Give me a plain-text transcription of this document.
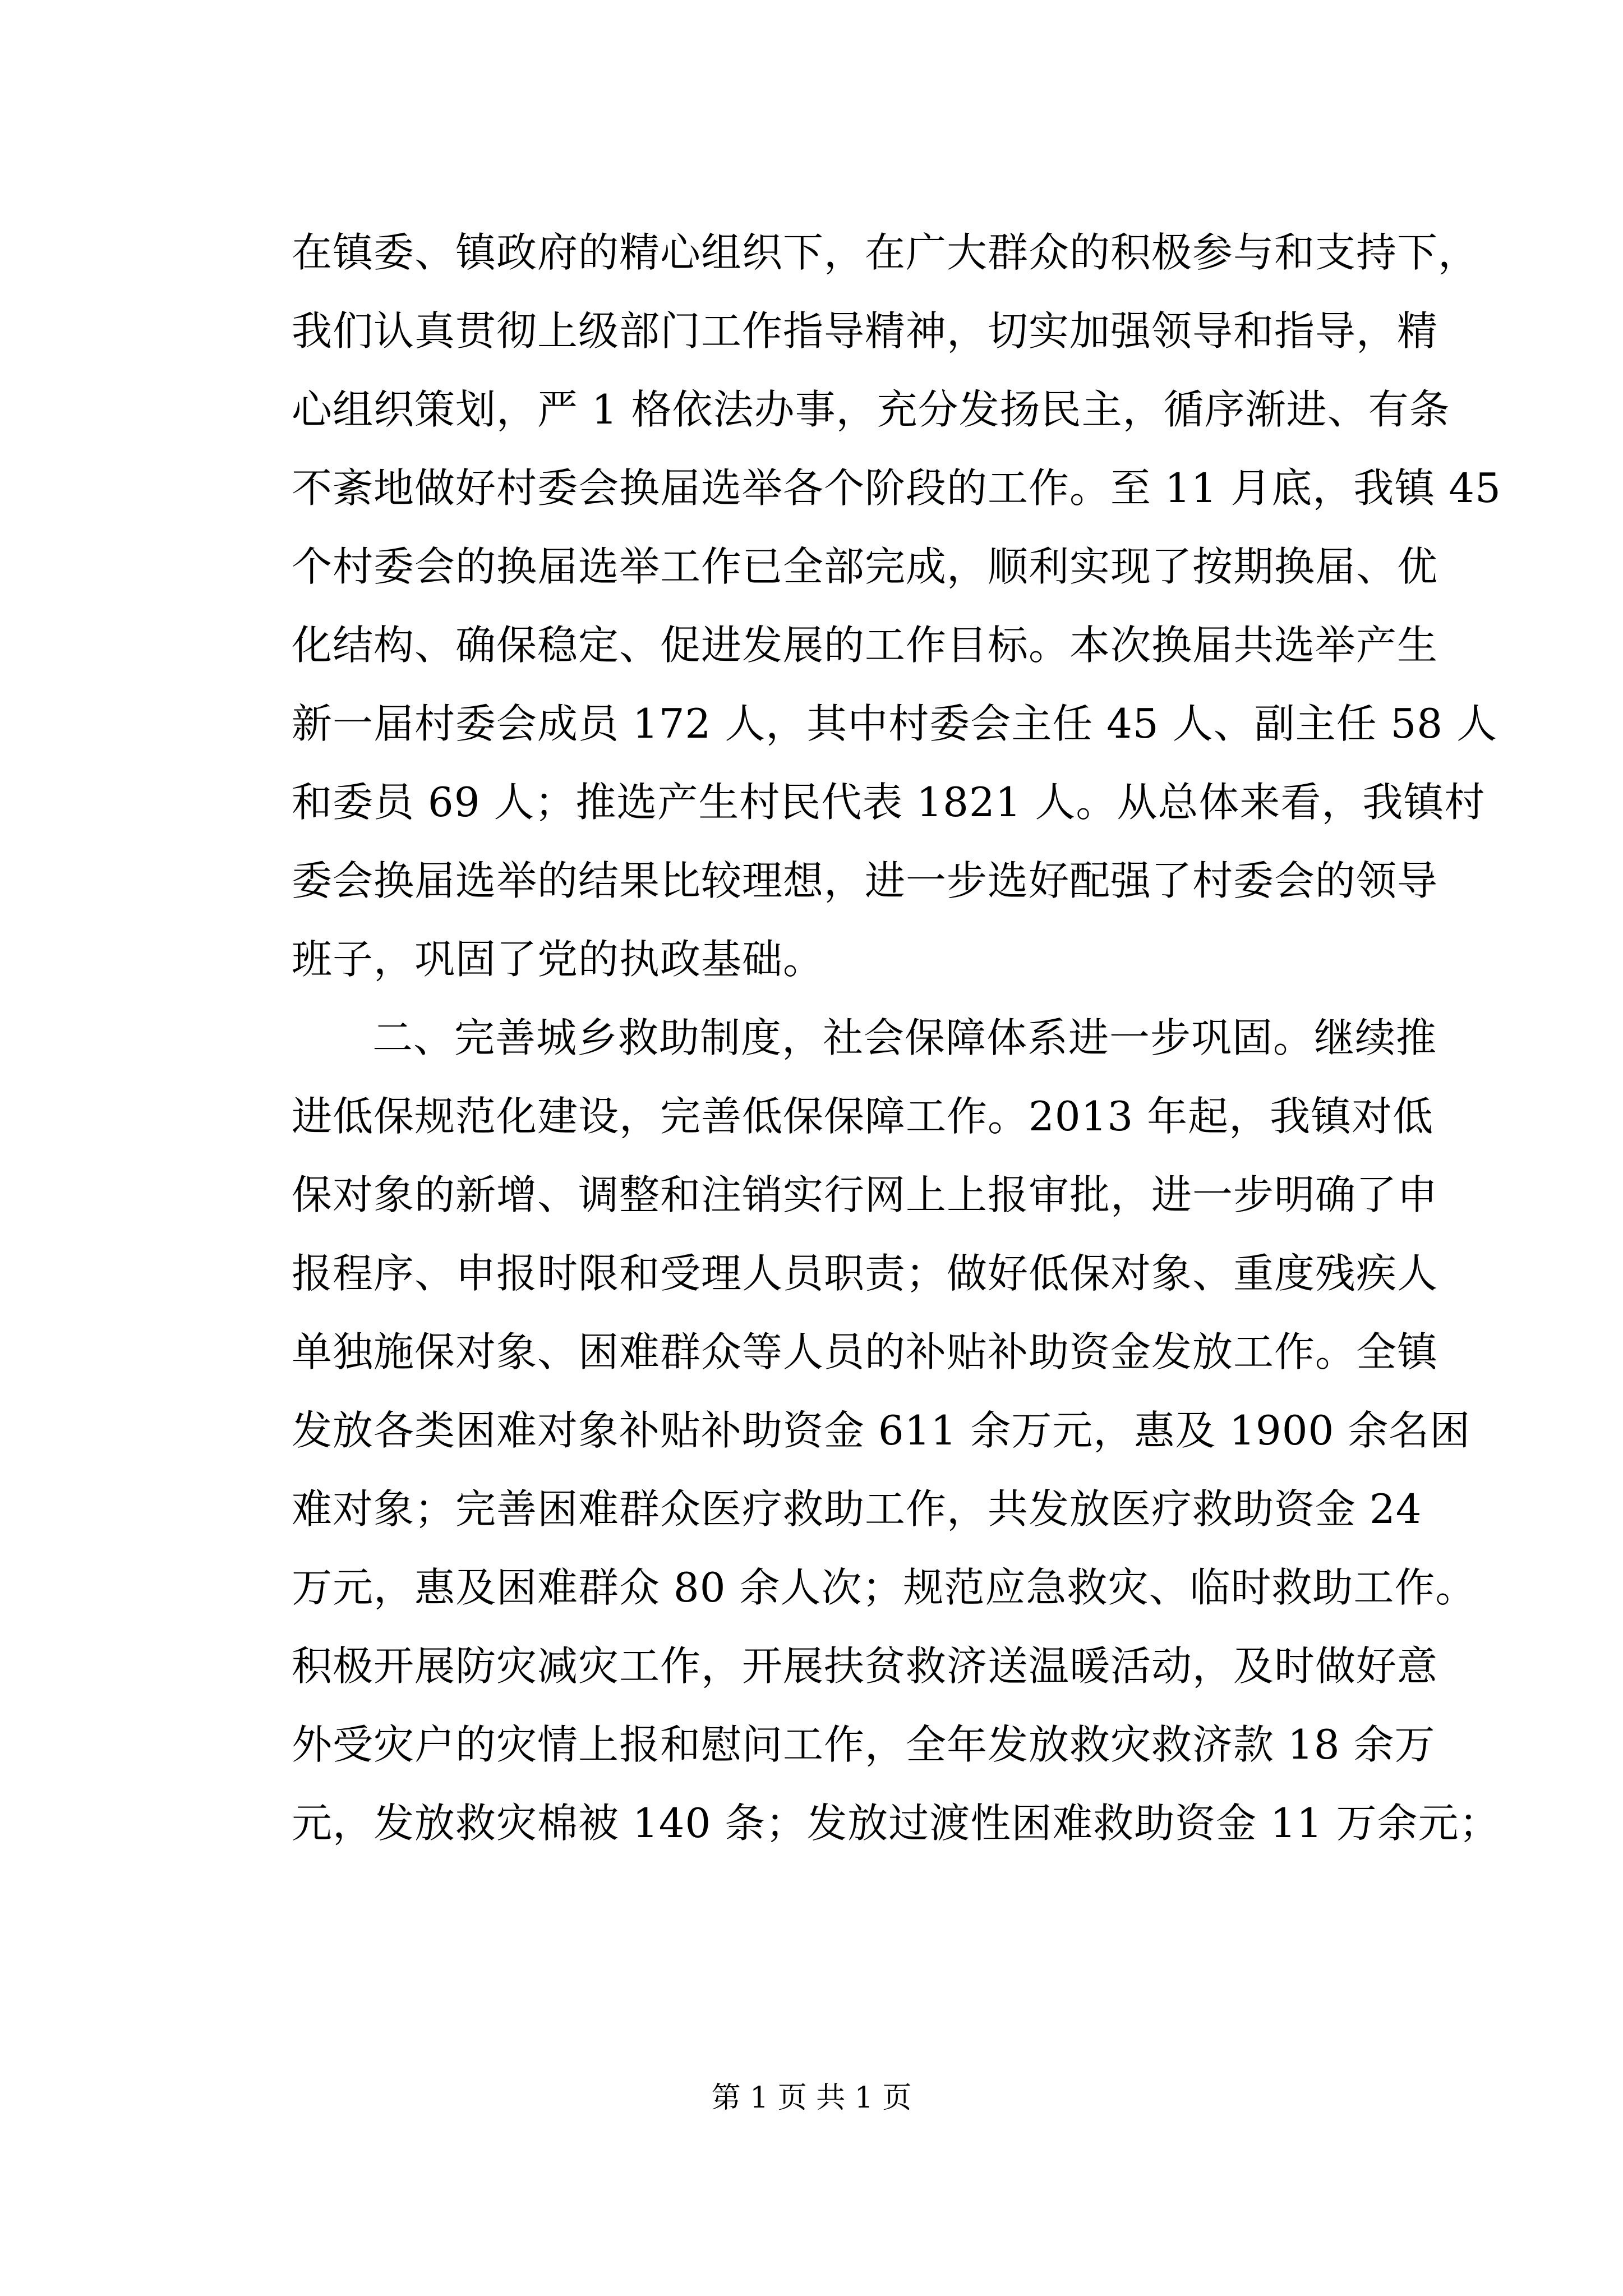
在镇委、镇政府的精心组织下，在广大群众的积极参与和支持下，
我们认真贯彻上级部门工作指导精神，切实加强领导和指导，精
心组织策划，严 1 格依法办事，充分发扬民主，循序渐进、有条
不紊地做好村委会换届选举各个阶段的工作。至 11 月底，我镇 45
个村委会的换届选举工作已全部完成，顺利实现了按期换届、优
化结构、确保稳定、促进发展的工作目标。本次换届共选举产生
新一届村委会成员 172 人，其中村委会主任 45 人、副主任 58 人
和委员 69 人；推选产生村民代表 1821 人。从总体来看，我镇村
委会换届选举的结果比较理想，进一步选好配强了村委会的领导
班子，巩固了党的执政基础。
二、完善城乡救助制度，社会保障体系进一步巩固。继续推
进低保规范化建设，完善低保保障工作。2013 年起，我镇对低
保对象的新增、调整和注销实行网上上报审批，进一步明确了申
报程序、申报时限和受理人员职责；做好低保对象、重度残疾人
单独施保对象、困难群众等人员的补贴补助资金发放工作。全镇
发放各类困难对象补贴补助资金 611 余万元，惠及 1900 余名困
难对象；完善困难群众医疗救助工作，共发放医疗救助资金 24
万元，惠及困难群众 80 余人次；规范应急救灾、临时救助工作。
积极开展防灾减灾工作，开展扶贫救济送温暖活动，及时做好意
外受灾户的灾情上报和慰问工作，全年发放救灾救济款 18 余万
元，发放救灾棉被 140 条；发放过渡性困难救助资金 11 万余元；
第 1 页 共 1 页
